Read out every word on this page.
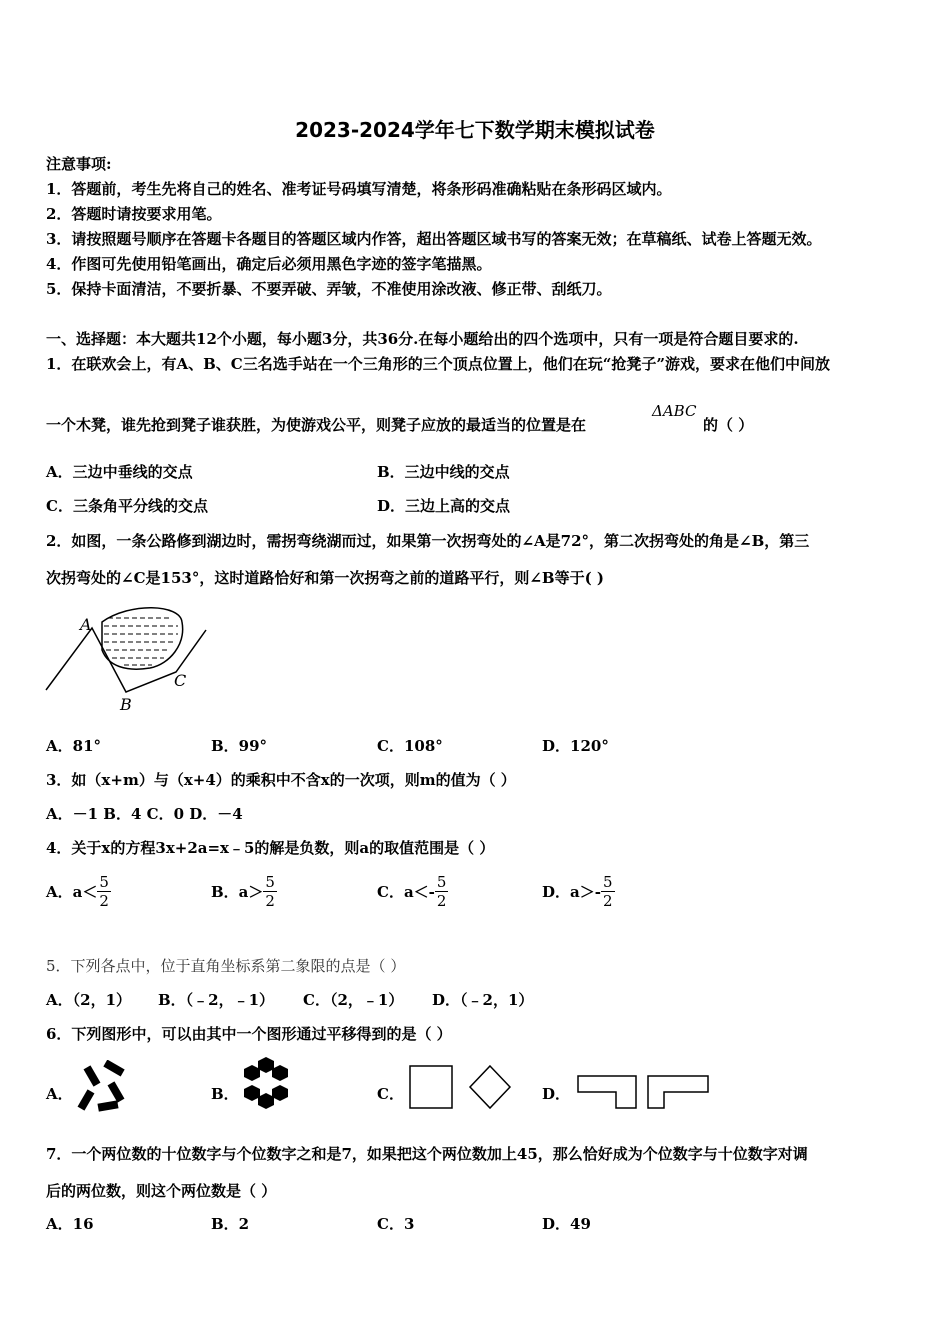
2023-2024学年七下数学期末模拟试卷
注意事项:
1．答题前，考生先将自己的姓名、准考证号码填写清楚，将条形码准确粘贴在条形码区域内。
2．答题时请按要求用笔。
3．请按照题号顺序在答题卡各题目的答题区域内作答，超出答题区域书写的答案无效；在草稿纸、试卷上答题无效。
4．作图可先使用铅笔画出，确定后必须用黑色字迹的签字笔描黑。
5．保持卡面清洁，不要折暴、不要弄破、弄皱，不准使用涂改液、修正带、刮纸刀。
一、选择题：本大题共12个小题，每小题3分，共36分.在每小题给出的四个选项中，只有一项是符合题目要求的.
1．在联欢会上，有A、B、C三名选手站在一个三角形的三个顶点位置上，他们在玩“抢凳子”游戏，要求在他们中间放
一个木凳，谁先抢到凳子谁获胜，为使游戏公平，则凳子应放的最适当的位置是在
ΔABC
的（ ）
A．三边中垂线的交点	B．三边中线的交点
C．三条角平分线的交点	D．三边上高的交点
2．如图，一条公路修到湖边时，需拐弯绕湖而过，如果第一次拐弯处的∠A是72°，第二次拐弯处的角是∠B，第三
次拐弯处的∠C是153°，这时道路恰好和第一次拐弯之前的道路平行，则∠B等于( )
A
B
C
A．81°	B．99°	C．108°	D．120°
3．如（x+m）与（x+4）的乘积中不含x的一次项，则m的值为（ ）
A．－1 B．4 C．0 D．－4
4．关于x的方程3x+2a=x﹣5的解是负数，则a的取值范围是（ ）
A．$a< \frac{5}{2}$	B．$a> \frac{5}{2}$	C．$a<- \frac{5}{2}$	D．$a>- \frac{5}{2}$
5．下列各点中，位于直角坐标系第二象限的点是（ ）
A．（2，1） B．（﹣2，﹣1） C．（2，﹣1） D．（﹣2，1）
6．下列图形中，可以由其中一个图形通过平移得到的是（ ）
A．	B．	C．	D．
7．一个两位数的十位数字与个位数字之和是7，如果把这个两位数加上45，那么恰好成为个位数字与十位数字对调
后的两位数，则这个两位数是（ ）
A．16	B．2	C．3	D．49
